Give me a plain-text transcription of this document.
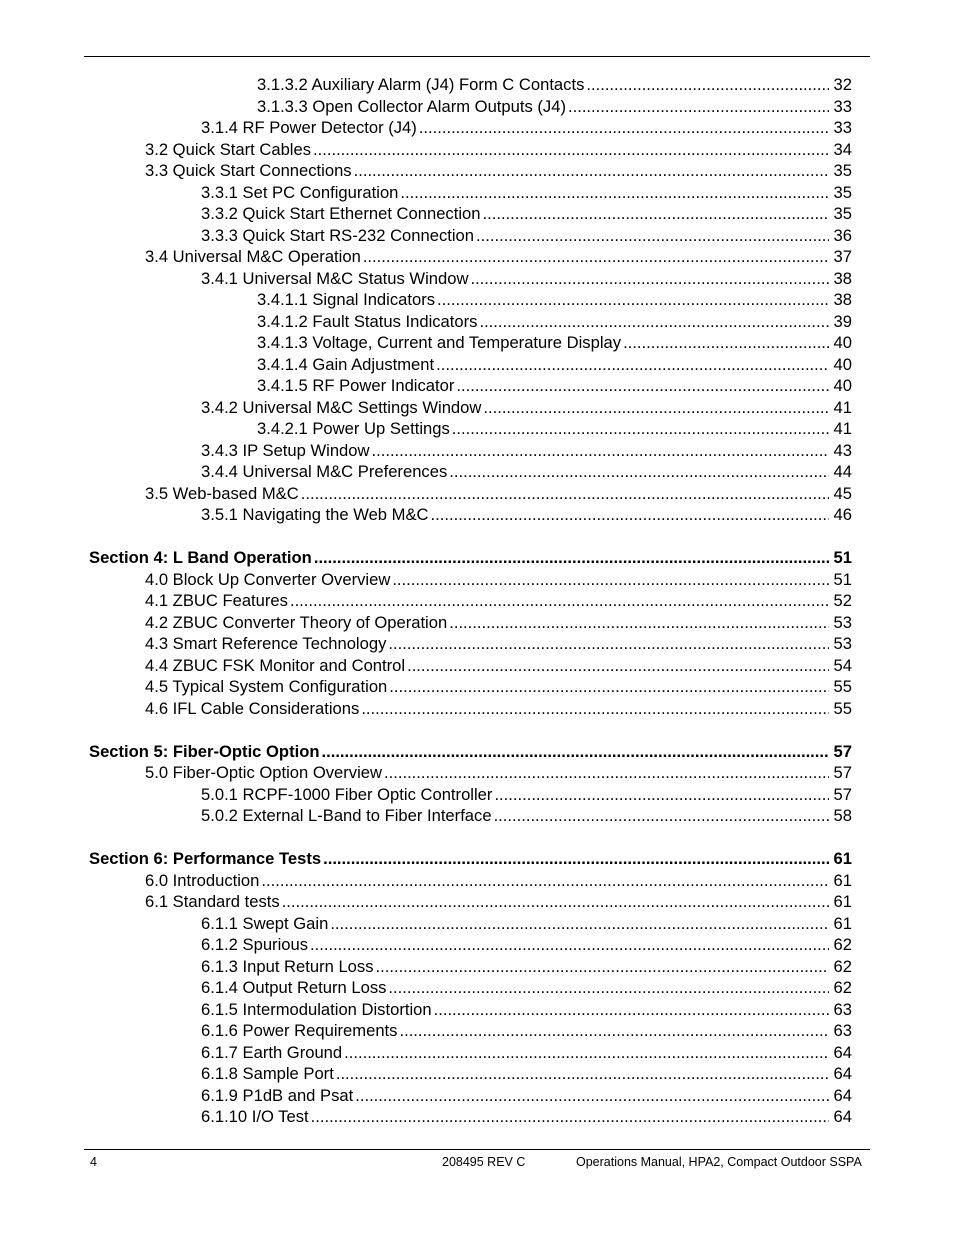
3.1.3.2 Auxiliary Alarm (J4) Form C Contacts .....	32
3.1.3.3 Open Collector Alarm Outputs (J4) .....	33
3.1.4 RF Power Detector (J4) .....	33
3.2 Quick Start Cables .....	34
3.3 Quick Start Connections .....	35
3.3.1 Set PC Configuration .....	35
3.3.2 Quick Start Ethernet Connection .....	35
3.3.3 Quick Start RS-232 Connection .....	36
3.4 Universal M&C Operation .....	37
3.4.1 Universal M&C Status Window .....	38
3.4.1.1 Signal Indicators .....	38
3.4.1.2 Fault Status Indicators .....	39
3.4.1.3 Voltage, Current and Temperature Display .....	40
3.4.1.4 Gain Adjustment .....	40
3.4.1.5 RF Power Indicator .....	40
3.4.2 Universal M&C Settings Window .....	41
3.4.2.1 Power Up Settings .....	41
3.4.3 IP Setup Window .....	43
3.4.4 Universal M&C Preferences .....	44
3.5 Web-based M&C .....	45
3.5.1 Navigating the Web M&C .....	46
Section 4: L Band Operation .....	51
4.0 Block Up Converter Overview .....	51
4.1 ZBUC Features .....	52
4.2 ZBUC Converter Theory of Operation .....	53
4.3 Smart Reference Technology .....	53
4.4 ZBUC FSK Monitor and Control .....	54
4.5 Typical System Configuration .....	55
4.6 IFL Cable Considerations .....	55
Section 5: Fiber-Optic Option .....	57
5.0 Fiber-Optic Option Overview .....	57
5.0.1 RCPF-1000 Fiber Optic Controller .....	57
5.0.2 External L-Band to Fiber Interface .....	58
Section 6: Performance Tests .....	61
6.0 Introduction .....	61
6.1 Standard tests .....	61
6.1.1 Swept Gain .....	61
6.1.2 Spurious .....	62
6.1.3 Input Return Loss .....	62
6.1.4 Output Return Loss .....	62
6.1.5 Intermodulation Distortion .....	63
6.1.6 Power Requirements .....	63
6.1.7 Earth Ground .....	64
6.1.8 Sample Port .....	64
6.1.9 P1dB and Psat .....	64
6.1.10 I/O Test .....	64
4	208495 REV C	Operations Manual, HPA2, Compact Outdoor SSPA
